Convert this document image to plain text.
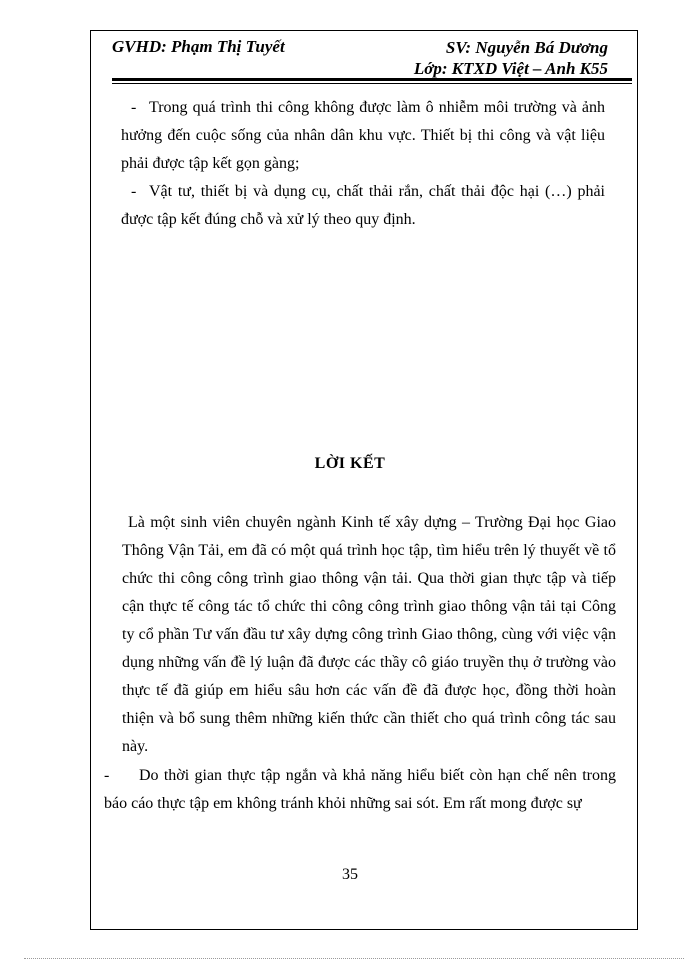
GVHD: Phạm Thị Tuyết	SV: Nguyễn Bá Dương
Lớp: KTXD Việt – Anh K55
- Trong quá trình thi công không được làm ô nhiễm môi trường và ảnh hưởng đến cuộc sống của nhân dân khu vực. Thiết bị thi công và vật liệu phải được tập kết gọn gàng;
- Vật tư, thiết bị và dụng cụ, chất thải rắn, chất thải độc hại (…) phải được tập kết đúng chỗ và xử lý theo quy định.
LỜI KẾT
Là một sinh viên chuyên ngành Kinh tế xây dựng – Trường Đại học Giao Thông Vận Tải, em đã có một quá trình học tập, tìm hiểu trên lý thuyết về tổ chức thi công công trình giao thông vận tải. Qua thời gian thực tập và tiếp cận thực tế công tác tổ chức thi công công trình giao thông vận tải tại Công ty cổ phần Tư vấn đầu tư xây dựng công trình Giao thông, cùng với việc vận dụng những vấn đề lý luận đã được các thầy cô giáo truyền thụ ở trường vào thực tế đã giúp em hiểu sâu hơn các vấn đề đã được học, đồng thời hoàn thiện và bổ sung thêm những kiến thức cần thiết cho quá trình công tác sau này.
- Do thời gian thực tập ngắn và khả năng hiểu biết còn hạn chế nên trong báo cáo thực tập em không tránh khỏi những sai sót. Em rất mong được sự
35
